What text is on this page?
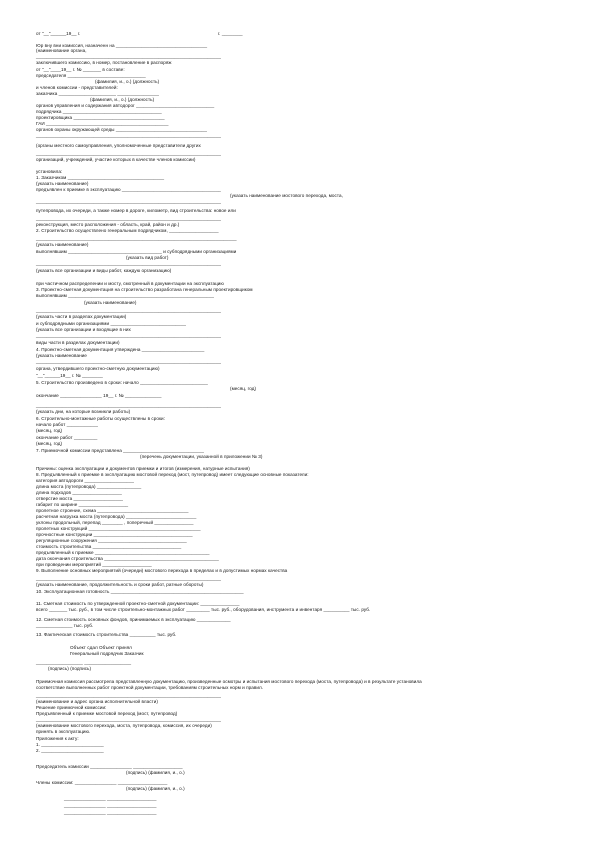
от "__"______19__ г.	г. ________
Юр вну вни комиссия, назначенн на ___________________________________
(наименование органа,
_______________________________________________________________________
заключившего комиссию, в номер, постановление в распоряж
от "__"____19__ г. № _______ в составе:
председателя ______________________________
(фамилия, и., о.) (должность)
и членов комиссии - представителей:
заказчика ______________________ ________________
(фамилия, и., о.) (должность)
органов управления и содержания автодорог ______________________________
подрядчика ______________________________________
проектировщика ___________________________________
ГАИ _______________________________________________
органов охраны окружающей среды ___________________________________
_______________________________________________________________________
(органы местного самоуправления, уполномоченные представители других
_______________________________________________________________________
организаций, учреждений, участие которых в качестве членов комиссии)
установила:
1. Заказчиком _____________________________________
(указать наименование)
предъявлен к приемке в эксплуатацию ______________________________________
(указать наименование мостового перехода, моста,
_______________________________________________________________________
путепровода, их очереди, а также номер в дороге, километр, вид строительства: новое или
_______________________________________________________________________
реконструкция, место расположения - область, край, район и др.)
2. Строительство осуществлено генеральным подрядчиком, ___________________
_____________________________________________________________________________
(указать наименование)
выполнявшим ____________________________________ и субподрядными организациями
(указать вид работ)
_______________________________________________________________________
(указать все организации и виды работ, каждую организацию)
при частичном распределении и мосту, смотренный в документации на эксплуатацию
3. Проектно-сметная документация на строительство разработана генеральным проектировщиком
выполнявшим ________________________________________________________
(указать наименование)
_______________________________________________________________________
(указать части в разделах документации)
и субподрядными организациями _____________________________
(указать все организации и входящие в них
_______________________________________________________________________
виды части в разделах документации)
4. Проектно-сметная документация утверждена ________________________
(указать наименование
_______________________________________________________________________
органа, утвердившего проектно-сметную документацию)
"__"______19__ г. № ________
5. Строительство произведено в сроки: начало __________________________
(месяц, год)
окончание ________________ 19__ г. № ______________
_______________________________________________________________________
(указать дни, на которые возникли работы)
6. Строительно-монтажные работы осуществлены в сроки:
начало работ ____________
(месяц, год)
окончание работ _________
(месяц, год)
7. Приемочной комиссии представлена _______________________________
(перечень документации, указанной в приложении № 3)
Причины: оценка эксплуатации и документов приемки и итогов (измерения, натурные испытания)
8. Предъявленный к приемке в эксплуатацию мостовой переход (мост, путепровод) имеет следующие основные показатели:
категория автодороги ___________________
длина моста (путепровода) _________________
длина подходов ___________________
отверстие моста ___________________
габарит по ширине ___________________
пролетное строение, схема ___________________________________
расчетная нагрузка моста (путепровода) ___________________________
уклоны продольный, перепад ________ , поперечный _______________
пролетных конструкций ___________________________________________
прочностные конструкции ______________________________________
регуляционные сооружения __________________________________
стоимость строительства __________________________________
предъявленный к приемке ____________________________________________
дата окончания строительства ____________________________________________
при проведении мероприятий ___________________
9. Выполнение основных мероприятий (очереди) мостового перехода в пределах и в допустимых нормах качества
_______________________________________________________________________
(указать наименование, продолжительность и сроки работ, ратные обороты)
10. Эксплуатационная готовность ___________________________________________________
11. Сметная стоимость по утвержденной проектно-сметной документации: _______________
всего _______ тыс. руб., в том числе строительно-монтажных работ _________ тыс. руб., оборудования, инструмента и инвентаря __________ тыс. руб.
12. Сметная стоимость основных фондов, принимаемых в эксплуатацию _____________
______________ тыс. руб.
13. Фактическая стоимость строительства __________ тыс. руб.
Объект сдал Объект принял
Генеральный подрядчик Заказчик
__________________ __________________
(подпись) (подпись)
Приемочная комиссия рассмотрела представленную документацию, произведенные осмотры и испытания мостового перехода (моста, путепровода) и в результате установила
соответствие выполненных работ проектной документации, требованиям строительных норм и правил.
_______________________________________________________________________
(наименование и адрес органа исполнительной власти)
Решение приемочной комиссии:
Предъявленный к приемке мостовой переход (мост, путепровод)
_______________________________________________________________________
(наименование мостового перехода, моста, путепровода, комиссия, их очереди)
принять в эксплуатацию.
Приложения к акту:
1. ________________________
2. ________________________
Председатель комиссии ________________ ___________________
(подпись) (фамилия, и., о.)
Члены комиссии: ________________ ___________________
(подпись) (фамилия, и., о.)
________________ ___________________
________________ ___________________
________________ ___________________
